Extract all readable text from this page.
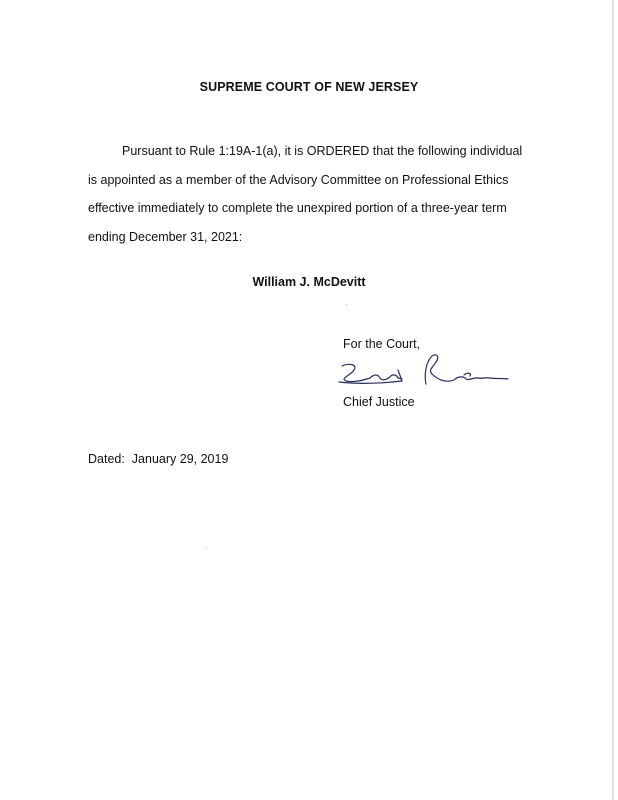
SUPREME COURT OF NEW JERSEY
Pursuant to Rule 1:19A-1(a), it is ORDERED that the following individual
is appointed as a member of the Advisory Committee on Professional Ethics
effective immediately to complete the unexpired portion of a three-year term
ending December 31, 2021:
William J. McDevitt
For the Court,
Chief Justice
Dated: January 29, 2019
